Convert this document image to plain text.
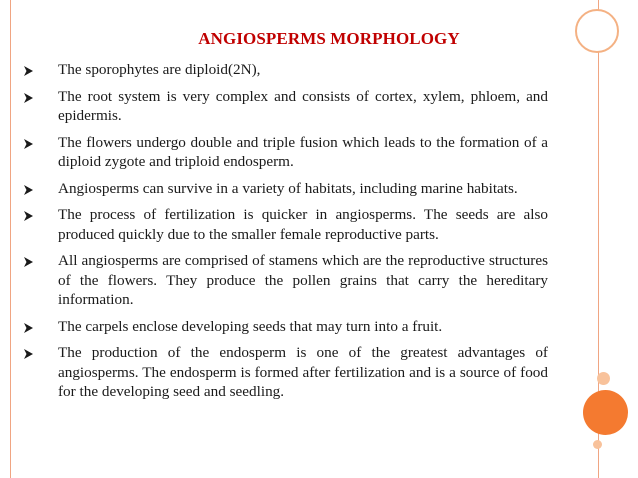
ANGIOSPERMS MORPHOLOGY
The sporophytes are diploid(2N),
The root system is very complex and consists of cortex, xylem, phloem, and epidermis.
The flowers undergo double and triple fusion which leads to the formation of a diploid zygote and triploid endosperm.
Angiosperms can survive in a variety of habitats, including marine habitats.
The process of fertilization is quicker in angiosperms. The seeds are also produced quickly due to the smaller female reproductive parts.
All angiosperms are comprised of stamens which are the reproductive structures of the flowers. They produce the pollen grains that carry the hereditary information.
The carpels enclose developing seeds that may turn into a fruit.
The production of the endosperm is one of the greatest advantages of angiosperms. The endosperm is formed after fertilization and is a source of food for the developing seed and seedling.
